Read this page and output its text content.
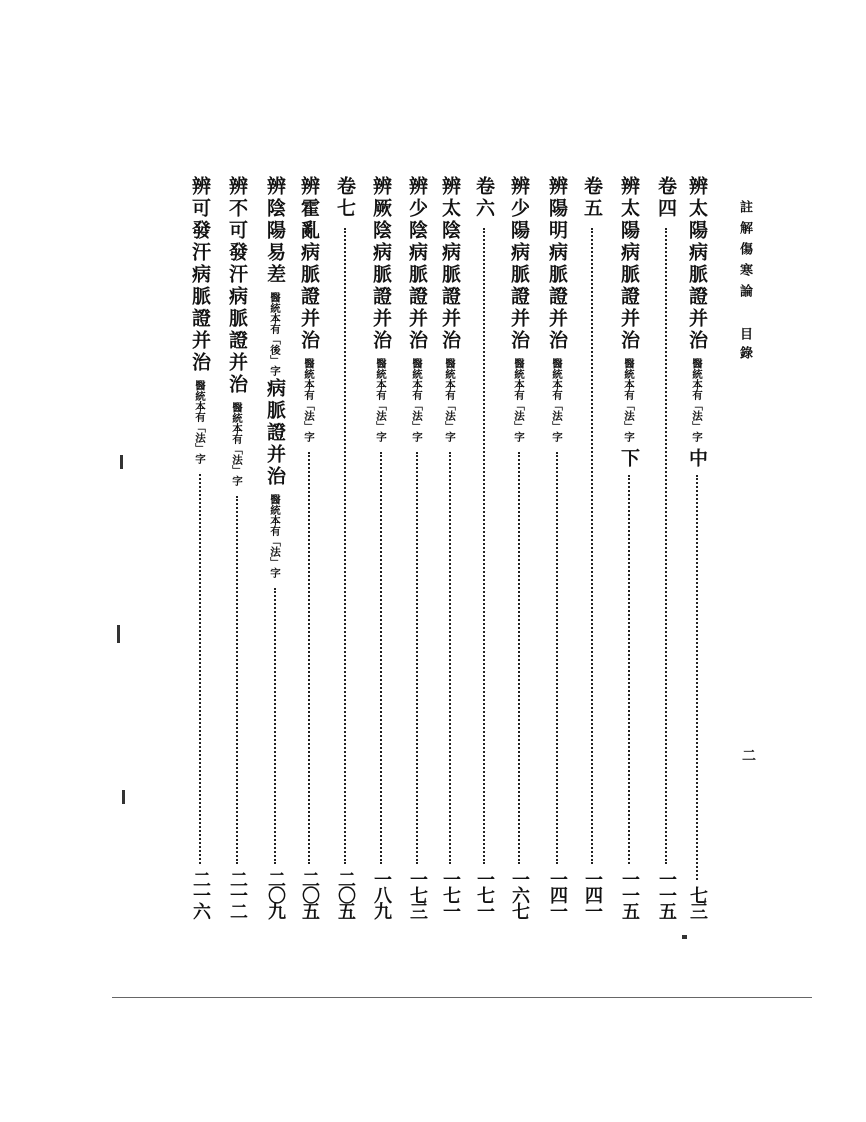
註解傷寒論
目錄
二
辨太陽病脈證并治
醫統本有「法」字
中
七三
卷四
一一五
辨太陽病脈證并治
醫統本有「法」字
下
一一五
卷五
一四一
辨陽明病脈證并治
醫統本有「法」字
一四一
辨少陽病脈證并治
醫統本有「法」字
一六七
卷六
一七一
辨太陰病脈證并治
醫統本有「法」字
一七一
辨少陰病脈證并治
醫統本有「法」字
一七三
辨厥陰病脈證并治
醫統本有「法」字
一八九
卷七
二〇五
辨霍亂病脈證并治
醫統本有「法」字
二〇五
辨陰陽易差
醫統本有「後」字
病脈證并治
醫統本有「法」字
二〇九
辨不可發汗病脈證并治
醫統本有「法」字
二一二
辨可發汗病脈證并治
醫統本有「法」字
二一六
